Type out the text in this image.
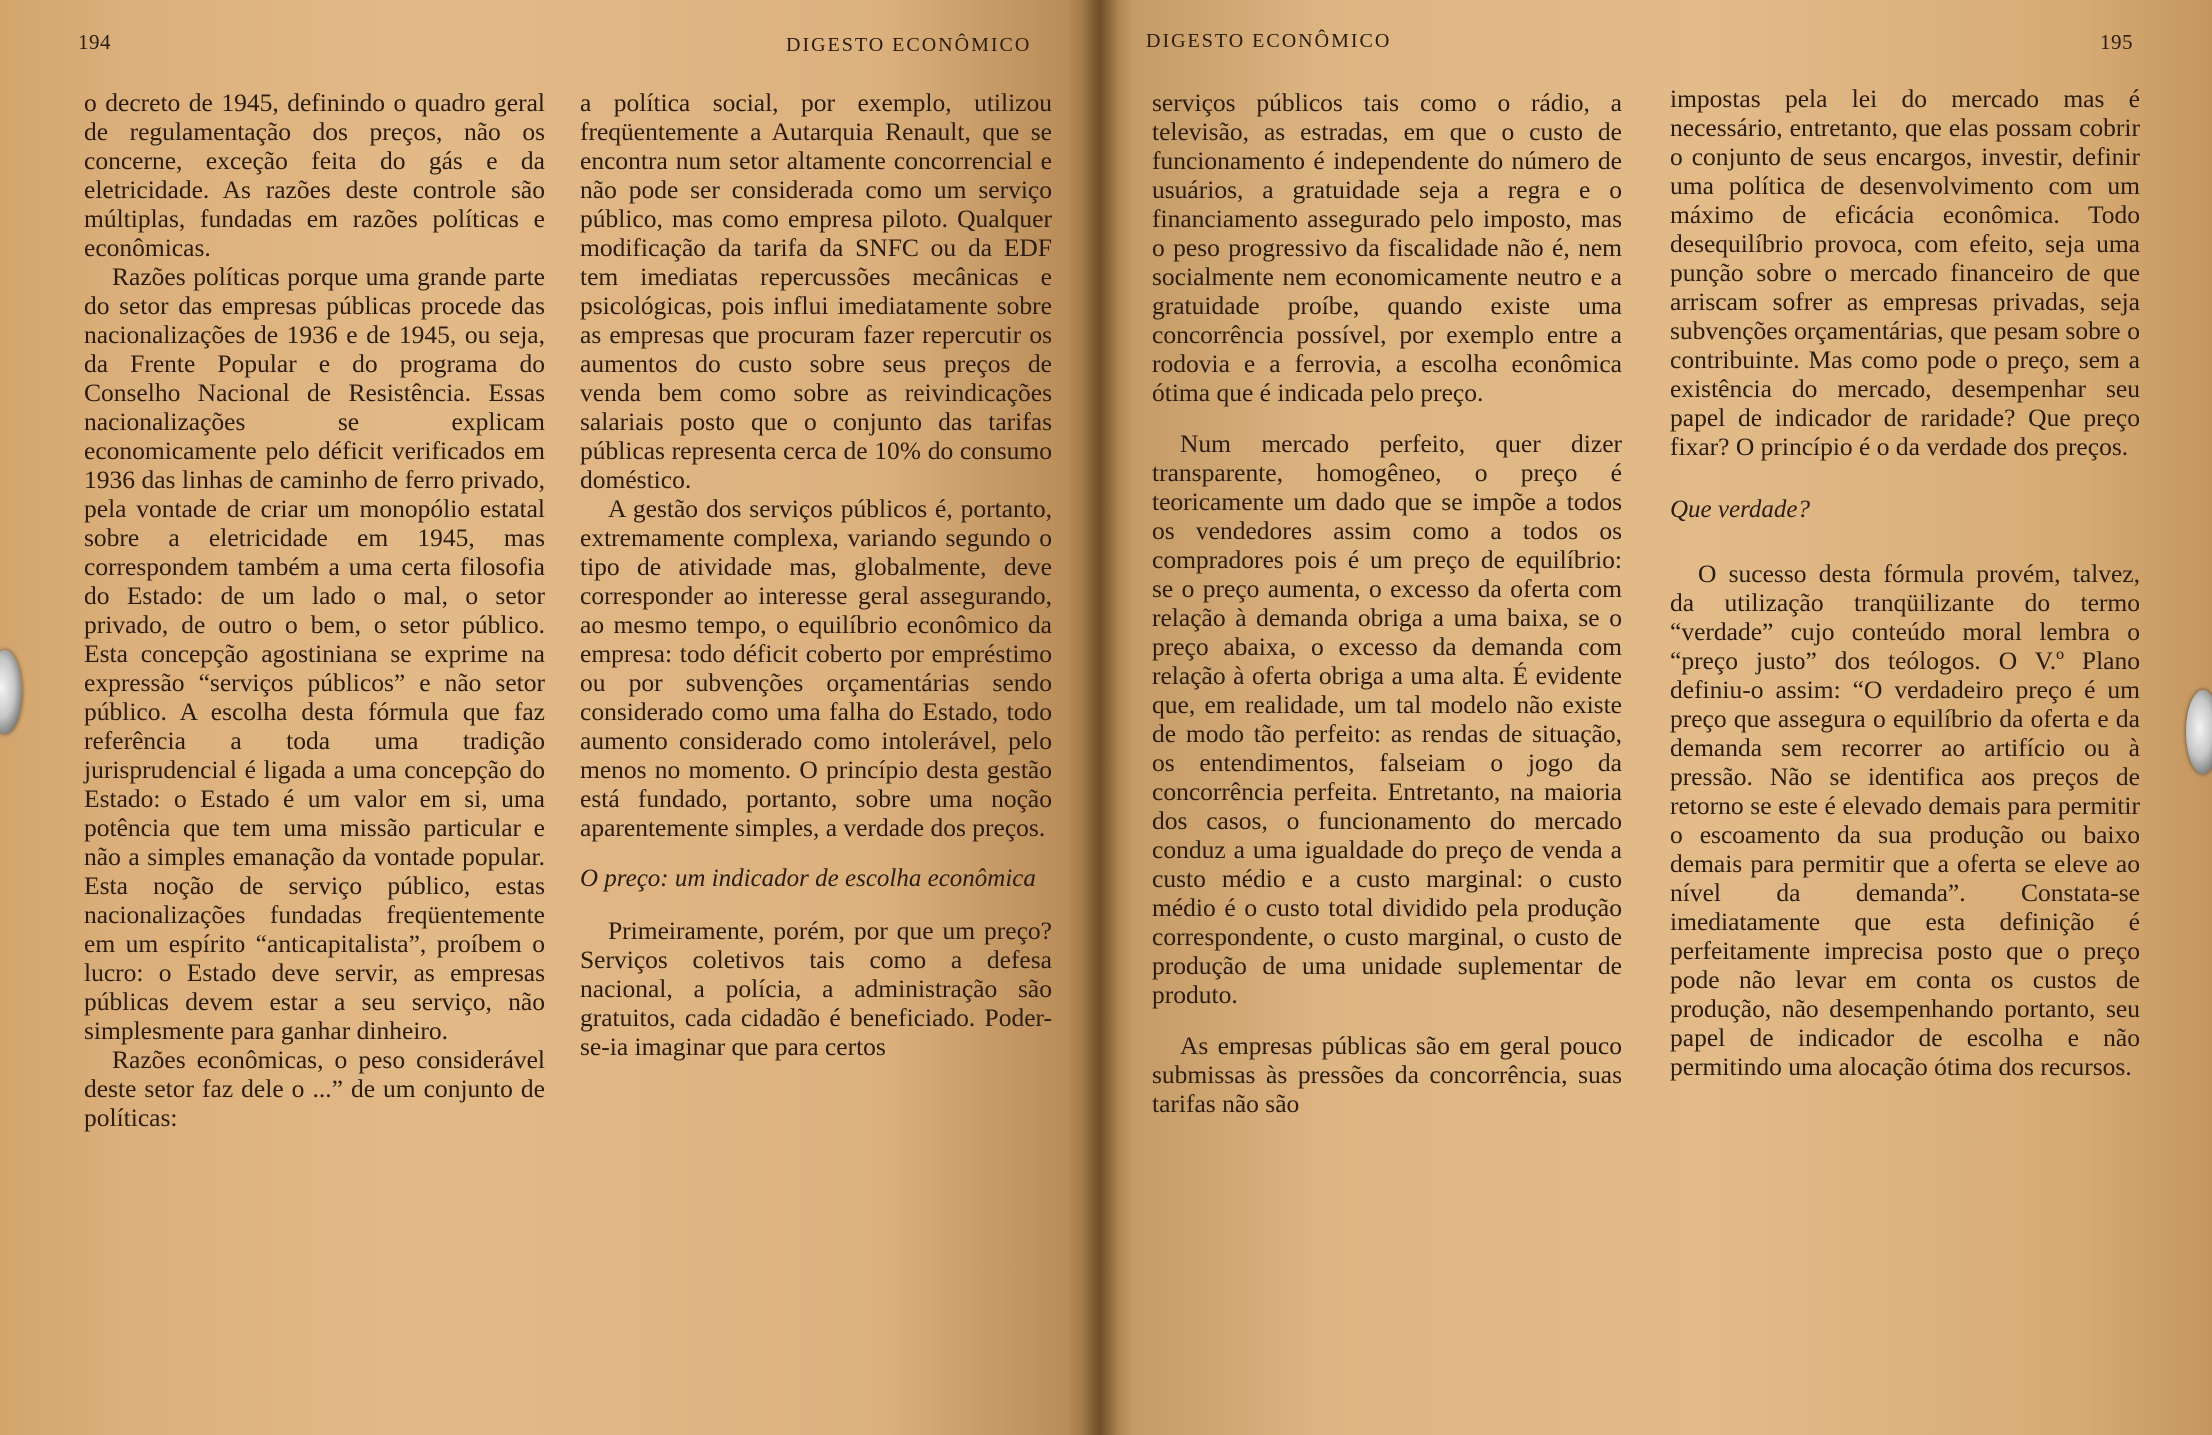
194	DIGESTO ECONÔMICO

o decreto de 1945, definindo o quadro geral de regulamentação dos preços, não os concerne, exceção feita do gás e da eletricidade. As razões deste controle são múltiplas, fundadas em razões políticas e econômicas.

Razões políticas porque uma grande parte do setor das empresas públicas procede das nacionalizações de 1936 e de 1945, ou seja, da Frente Popular e do programa do Conselho Nacional de Resistência. Essas nacionalizações se explicam economicamente pelo déficit verificados em 1936 das linhas de caminho de ferro privado, pela vontade de criar um monopólio estatal sobre a eletricidade em 1945, mas correspondem também a uma certa filosofia do Estado: de um lado o mal, o setor privado, de outro o bem, o setor público. Esta concepção agostiniana se exprime na expressão “serviços públicos” e não setor público. A escolha desta fórmula que faz referência a toda uma tradição jurisprudencial é ligada a uma concepção do Estado: o Estado é um valor em si, uma potência que tem uma missão particular e não a simples emanação da vontade popular. Esta noção de serviço público, estas nacionalizações fundadas freqüentemente em um espírito “anticapitalista”, proíbem o lucro: o Estado deve servir, as empresas públicas devem estar a seu serviço, não simplesmente para ganhar dinheiro.

Razões econômicas, o peso considerável deste setor faz dele o ...” de um conjunto de políticas:

a política social, por exemplo, utilizou freqüentemente a Autarquia Renault, que se encontra num setor altamente concorrencial e não pode ser considerada como um serviço público, mas como empresa piloto. Qualquer modificação da tarifa da SNFC ou da EDF tem imediatas repercussões mecânicas e psicológicas, pois influi imediatamente sobre as empresas que procuram fazer repercutir os aumentos do custo sobre seus preços de venda bem como sobre as reivindicações salariais posto que o conjunto das tarifas públicas representa cerca de 10% do consumo doméstico.

A gestão dos serviços públicos é, portanto, extremamente complexa, variando segundo o tipo de atividade mas, globalmente, deve corresponder ao interesse geral assegurando, ao mesmo tempo, o equilíbrio econômico da empresa: todo déficit coberto por empréstimo ou por subvenções orçamentárias sendo considerado como uma falha do Estado, todo aumento considerado como intolerável, pelo menos no momento. O princípio desta gestão está fundado, portanto, sobre uma noção aparentemente simples, a verdade dos preços.

O preço: um indicador de escolha econômica

Primeiramente, porém, por que um preço? Serviços coletivos tais como a defesa nacional, a polícia, a administração são gratuitos, cada cidadão é beneficiado. Poder-se-ia imaginar que para certos

DIGESTO ECONÔMICO	195

serviços públicos tais como o rádio, a televisão, as estradas, em que o custo de funcionamento é independente do número de usuários, a gratuidade seja a regra e o financiamento assegurado pelo imposto, mas o peso progressivo da fiscalidade não é, nem socialmente nem economicamente neutro e a gratuidade proíbe, quando existe uma concorrência possível, por exemplo entre a rodovia e a ferrovia, a escolha econômica ótima que é indicada pelo preço.

Num mercado perfeito, quer dizer transparente, homogêneo, o preço é teoricamente um dado que se impõe a todos os vendedores assim como a todos os compradores pois é um preço de equilíbrio: se o preço aumenta, o excesso da oferta com relação à demanda obriga a uma baixa, se o preço abaixa, o excesso da demanda com relação à oferta obriga a uma alta. É evidente que, em realidade, um tal modelo não existe de modo tão perfeito: as rendas de situação, os entendimentos, falseiam o jogo da concorrência perfeita. Entretanto, na maioria dos casos, o funcionamento do mercado conduz a uma igualdade do preço de venda a custo médio e a custo marginal: o custo médio é o custo total dividido pela produção correspondente, o custo marginal, o custo de produção de uma unidade suplementar de produto.

As empresas públicas são em geral pouco submissas às pressões da concorrência, suas tarifas não são

impostas pela lei do mercado mas é necessário, entretanto, que elas possam cobrir o conjunto de seus encargos, investir, definir uma política de desenvolvimento com um máximo de eficácia econômica. Todo desequilíbrio provoca, com efeito, seja uma punção sobre o mercado financeiro de que arriscam sofrer as empresas privadas, seja subvenções orçamentárias, que pesam sobre o contribuinte. Mas como pode o preço, sem a existência do mercado, desempenhar seu papel de indicador de raridade? Que preço fixar? O princípio é o da verdade dos preços.

Que verdade?

O sucesso desta fórmula provém, talvez, da utilização tranqüilizante do termo “verdade” cujo conteúdo moral lembra o “preço justo” dos teólogos. O V.º Plano definiu-o assim: “O verdadeiro preço é um preço que assegura o equilíbrio da oferta e da demanda sem recorrer ao artifício ou à pressão. Não se identifica aos preços de retorno se este é elevado demais para permitir o escoamento da sua produção ou baixo demais para permitir que a oferta se eleve ao nível da demanda”. Constata-se imediatamente que esta definição é perfeitamente imprecisa posto que o preço pode não levar em conta os custos de produção, não desempenhando portanto, seu papel de indicador de escolha e não permitindo uma alocação ótima dos recursos.
